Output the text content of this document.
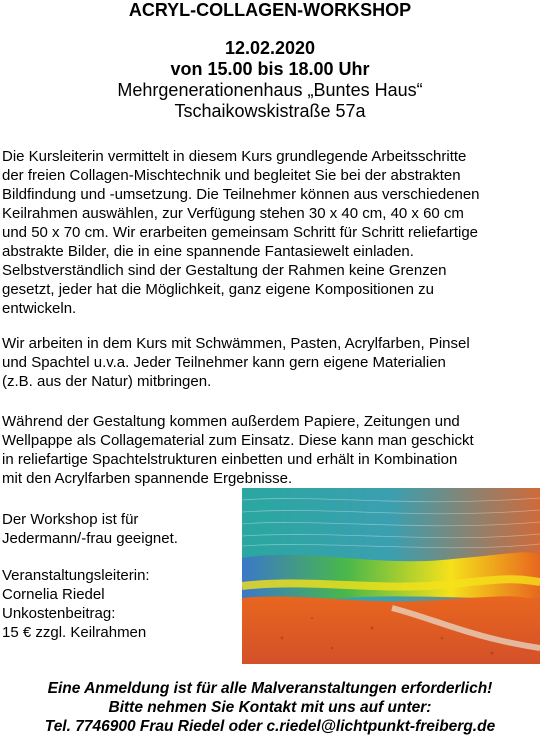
ACRYL-COLLAGEN-WORKSHOP
12.02.2020
von 15.00 bis 18.00 Uhr
Mehrgenerationenhaus „Buntes Haus“
Tschaikowskistraße 57a
Die Kursleiterin vermittelt in diesem Kurs grundlegende Arbeitsschritte
der freien Collagen-Mischtechnik und begleitet Sie bei der abstrakten
Bildfindung und -umsetzung. Die Teilnehmer können aus verschiedenen
Keilrahmen auswählen, zur Verfügung stehen 30 x 40 cm, 40 x 60 cm
und 50 x 70 cm. Wir erarbeiten gemeinsam Schritt für Schritt reliefartige
abstrakte Bilder, die in eine spannende Fantasiewelt einladen.
Selbstverständlich sind der Gestaltung der Rahmen keine Grenzen
gesetzt, jeder hat die Möglichkeit, ganz eigene Kompositionen zu
entwickeln.
Wir arbeiten in dem Kurs mit Schwämmen, Pasten, Acrylfarben, Pinsel
und Spachtel u.v.a. Jeder Teilnehmer kann gern eigene Materialien
(z.B. aus der Natur) mitbringen.
Während der Gestaltung kommen außerdem Papiere, Zeitungen und
Wellpappe als Collagematerial zum Einsatz. Diese kann man geschickt
in reliefartige Spachtelstrukturen einbetten und erhält in Kombination
mit den Acrylfarben spannende Ergebnisse.
Der Workshop ist für
Jedermann/-frau geeignet.
Veranstaltungsleiterin:
Cornelia Riedel
Unkostenbeitrag:
15 € zzgl. Keilrahmen
Eine Anmeldung ist für alle Malveranstaltungen erforderlich!
Bitte nehmen Sie Kontakt mit uns auf unter:
Tel. 7746900 Frau Riedel oder c.riedel@lichtpunkt-freiberg.de
